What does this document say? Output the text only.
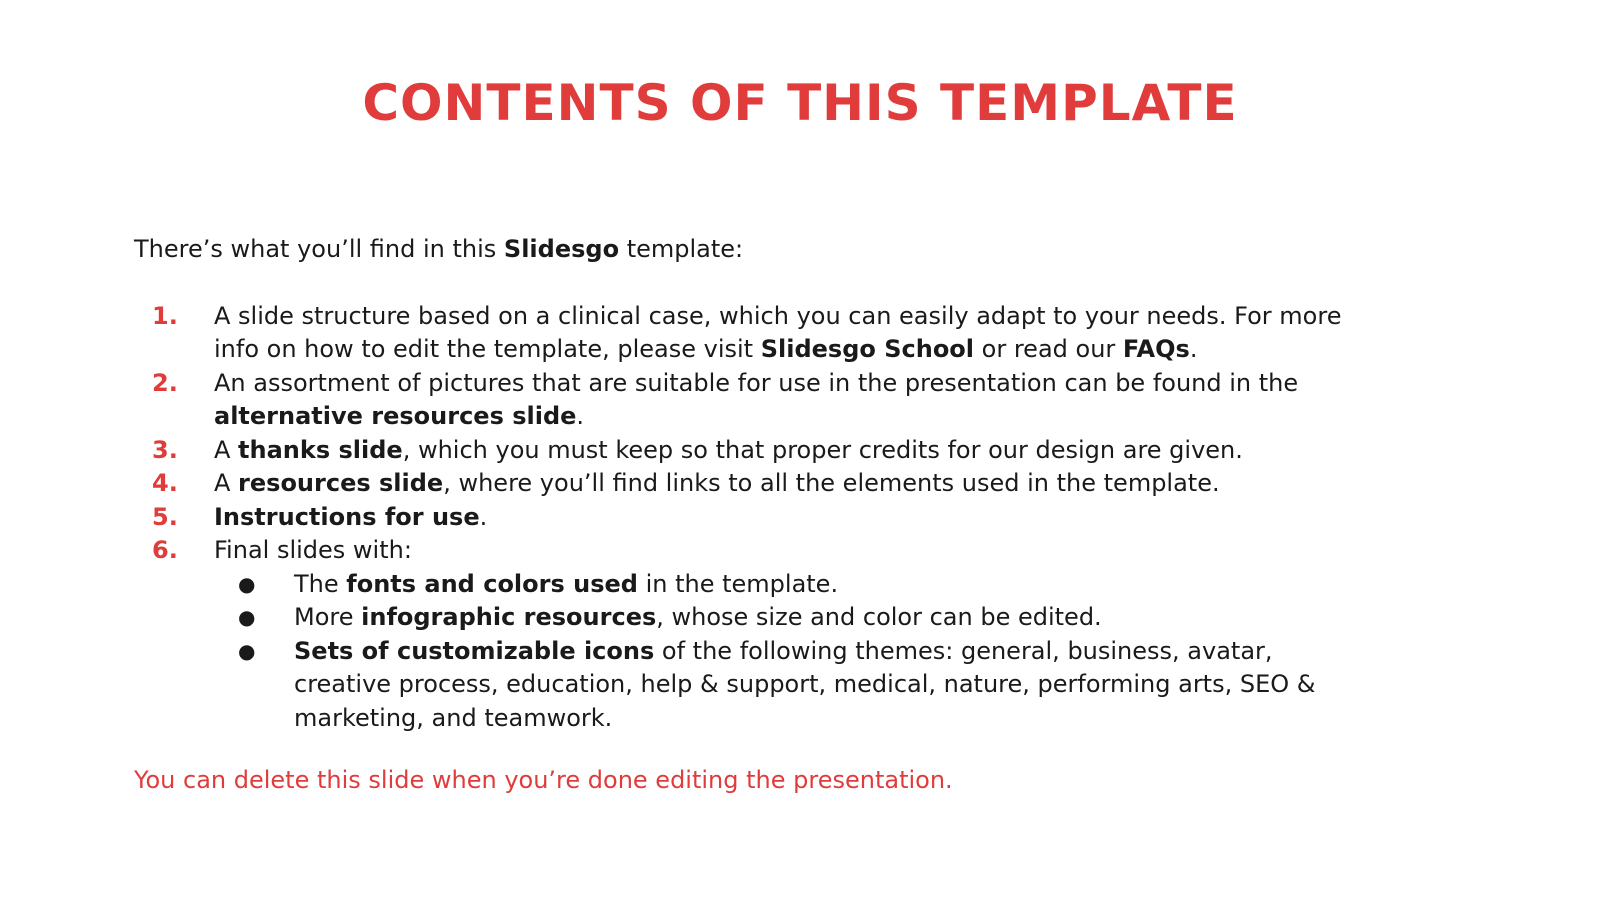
CONTENTS OF THIS TEMPLATE

There’s what you’ll find in this Slidesgo template:

1.	A slide structure based on a clinical case, which you can easily adapt to your needs. For more info on how to edit the template, please visit Slidesgo School or read our FAQs.
2.	An assortment of pictures that are suitable for use in the presentation can be found in the alternative resources slide.
3.	A thanks slide, which you must keep so that proper credits for our design are given.
4.	A resources slide, where you’ll find links to all the elements used in the template.
5.	Instructions for use.
6.	Final slides with:
● The fonts and colors used in the template.
● More infographic resources, whose size and color can be edited.
● Sets of customizable icons of the following themes: general, business, avatar, creative process, education, help & support, medical, nature, performing arts, SEO & marketing, and teamwork.

You can delete this slide when you’re done editing the presentation.
